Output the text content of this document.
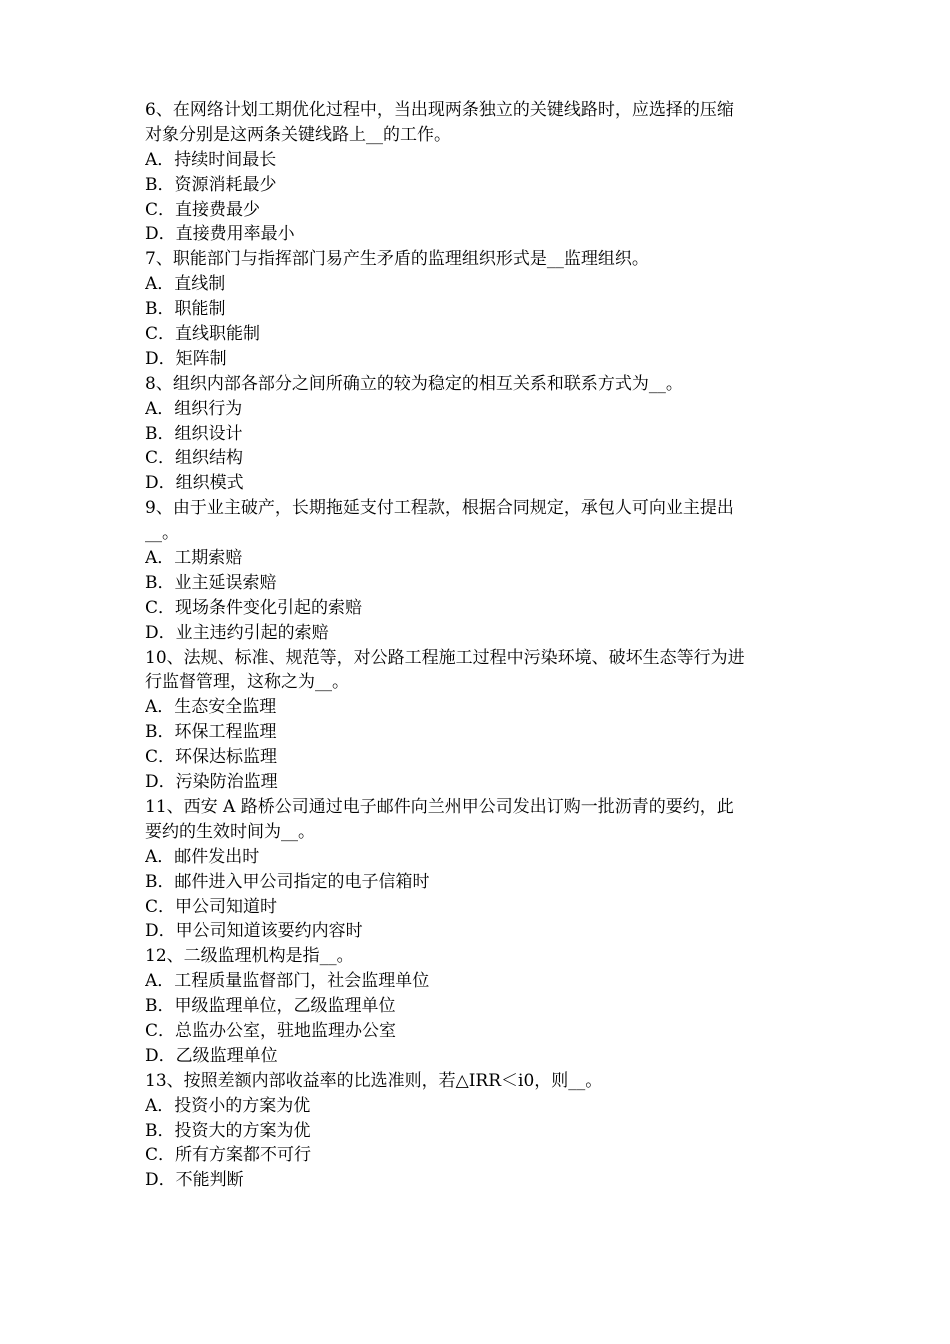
6、在网络计划工期优化过程中，当出现两条独立的关键线路时，应选择的压缩
对象分别是这两条关键线路上__的工作。
A．持续时间最长
B．资源消耗最少
C．直接费最少
D．直接费用率最小
7、职能部门与指挥部门易产生矛盾的监理组织形式是__监理组织。
A．直线制
B．职能制
C．直线职能制
D．矩阵制
8、组织内部各部分之间所确立的较为稳定的相互关系和联系方式为__。
A．组织行为
B．组织设计
C．组织结构
D．组织模式
9、由于业主破产，长期拖延支付工程款，根据合同规定，承包人可向业主提出
__。
A．工期索赔
B．业主延误索赔
C．现场条件变化引起的索赔
D．业主违约引起的索赔
10、法规、标准、规范等，对公路工程施工过程中污染环境、破坏生态等行为进
行监督管理，这称之为__。
A．生态安全监理
B．环保工程监理
C．环保达标监理
D．污染防治监理
11、西安 A 路桥公司通过电子邮件向兰州甲公司发出订购一批沥青的要约，此
要约的生效时间为__。
A．邮件发出时
B．邮件进入甲公司指定的电子信箱时
C．甲公司知道时
D．甲公司知道该要约内容时
12、二级监理机构是指__。
A．工程质量监督部门，社会监理单位
B．甲级监理单位，乙级监理单位
C．总监办公室，驻地监理办公室
D．乙级监理单位
13、按照差额内部收益率的比选准则，若△IRR＜i0，则__。
A．投资小的方案为优
B．投资大的方案为优
C．所有方案都不可行
D．不能判断
